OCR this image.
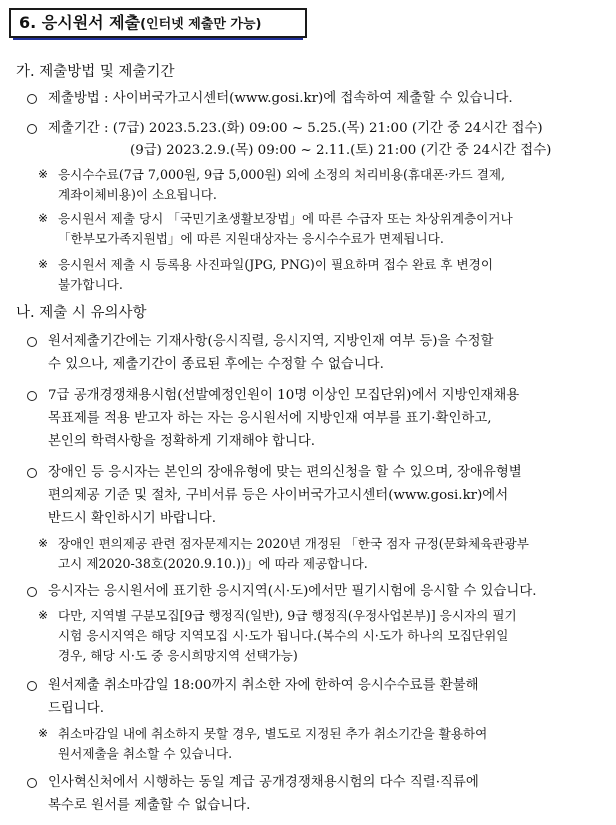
6. 응시원서 제출(인터넷 제출만 가능)
가. 제출방법 및 제출기간
제출방법 : 사이버국가고시센터(www.gosi.kr)에 접속하여 제출할 수 있습니다.
제출기간 : (7급) 2023.5.23.(화) 09:00 ~ 5.25.(목) 21:00 (기간 중 24시간 접수)
(9급) 2023.2.9.(목) 09:00 ~ 2.11.(토) 21:00 (기간 중 24시간 접수)
※ 응시수수료(7급 7,000원, 9급 5,000원) 외에 소정의 처리비용(휴대폰·카드 결제,
계좌이체비용)이 소요됩니다.
※ 응시원서 제출 당시 「국민기초생활보장법」에 따른 수급자 또는 차상위계층이거나
「한부모가족지원법」에 따른 지원대상자는 응시수수료가 면제됩니다.
※ 응시원서 제출 시 등록용 사진파일(JPG, PNG)이 필요하며 접수 완료 후 변경이
불가합니다.
나. 제출 시 유의사항
원서제출기간에는 기재사항(응시직렬, 응시지역, 지방인재 여부 등)을 수정할
수 있으나, 제출기간이 종료된 후에는 수정할 수 없습니다.
7급 공개경쟁채용시험(선발예정인원이 10명 이상인 모집단위)에서 지방인재채용
목표제를 적용 받고자 하는 자는 응시원서에 지방인재 여부를 표기·확인하고,
본인의 학력사항을 정확하게 기재해야 합니다.
장애인 등 응시자는 본인의 장애유형에 맞는 편의신청을 할 수 있으며, 장애유형별
편의제공 기준 및 절차, 구비서류 등은 사이버국가고시센터(www.gosi.kr)에서
반드시 확인하시기 바랍니다.
※ 장애인 편의제공 관련 점자문제지는 2020년 개정된 「한국 점자 규정(문화체육관광부
고시 제2020-38호(2020.9.10.))」에 따라 제공합니다.
응시자는 응시원서에 표기한 응시지역(시·도)에서만 필기시험에 응시할 수 있습니다.
※ 다만, 지역별 구분모집[9급 행정직(일반), 9급 행정직(우정사업본부)] 응시자의 필기
시험 응시지역은 해당 지역모집 시·도가 됩니다.(복수의 시·도가 하나의 모집단위일
경우, 해당 시·도 중 응시희망지역 선택가능)
원서제출 취소마감일 18:00까지 취소한 자에 한하여 응시수수료를 환불해
드립니다.
※ 취소마감일 내에 취소하지 못할 경우, 별도로 지정된 추가 취소기간을 활용하여
원서제출을 취소할 수 있습니다.
인사혁신처에서 시행하는 동일 계급 공개경쟁채용시험의 다수 직렬·직류에
복수로 원서를 제출할 수 없습니다.
